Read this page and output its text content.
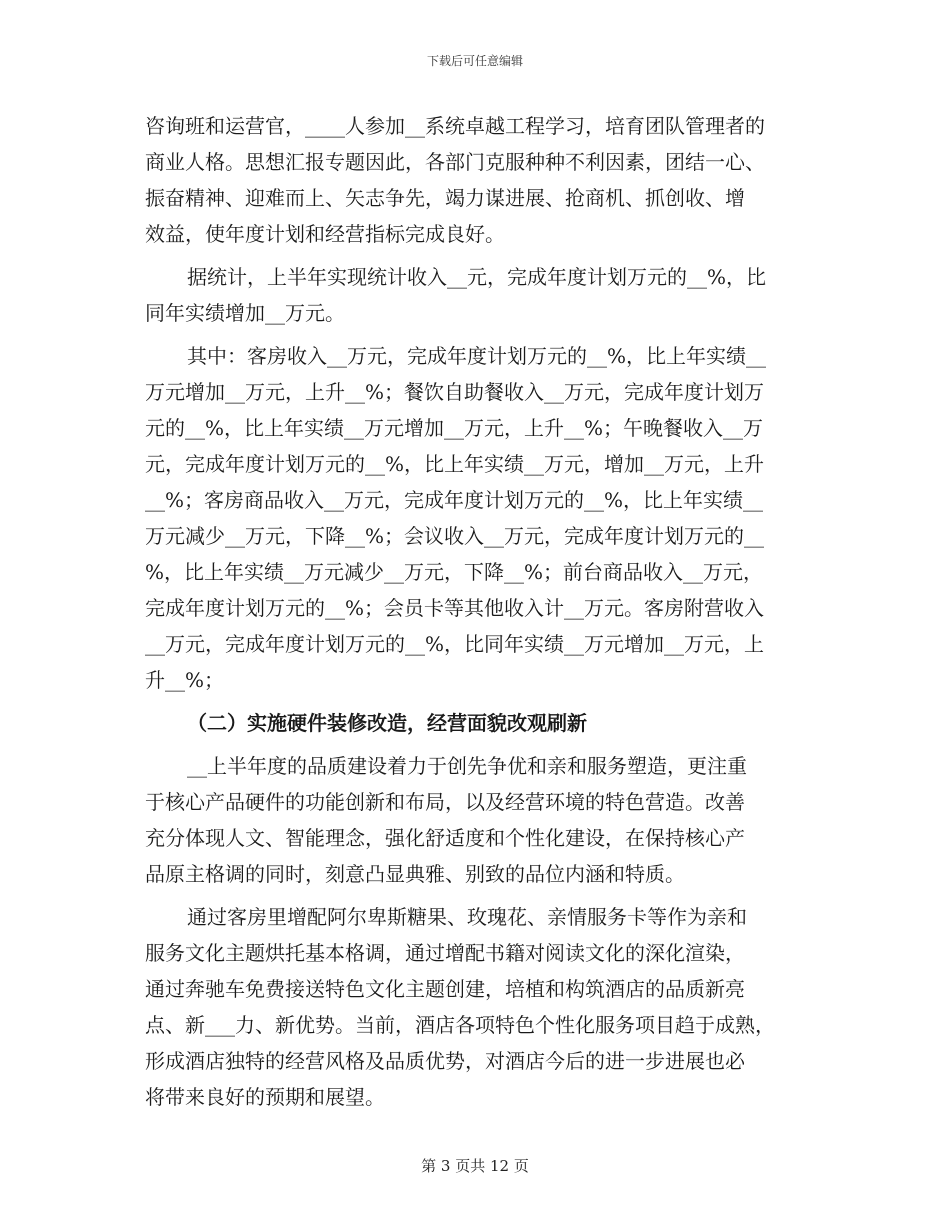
下载后可任意编辑
咨询班和运营官，____人参加__系统卓越工程学习，培育团队管理者的
商业人格。思想汇报专题因此，各部门克服种种不利因素，团结一心、
振奋精神、迎难而上、矢志争先，竭力谋进展、抢商机、抓创收、增
效益，使年度计划和经营指标完成良好。
据统计，上半年实现统计收入__元，完成年度计划万元的__%，比
同年实绩增加__万元。
其中：客房收入__万元，完成年度计划万元的__%，比上年实绩__
万元增加__万元，上升__%；餐饮自助餐收入__万元，完成年度计划万
元的__%，比上年实绩__万元增加__万元，上升__%；午晚餐收入__万
元，完成年度计划万元的__%，比上年实绩__万元，增加__万元，上升
__%；客房商品收入__万元，完成年度计划万元的__%，比上年实绩__
万元减少__万元，下降__%；会议收入__万元，完成年度计划万元的__
%，比上年实绩__万元减少__万元，下降__%；前台商品收入__万元，
完成年度计划万元的__%；会员卡等其他收入计__万元。客房附营收入
__万元，完成年度计划万元的__%，比同年实绩__万元增加__万元，上
升__%；
（二）实施硬件装修改造，经营面貌改观刷新
__上半年度的品质建设着力于创先争优和亲和服务塑造，更注重
于核心产品硬件的功能创新和布局，以及经营环境的特色营造。改善
充分体现人文、智能理念，强化舒适度和个性化建设，在保持核心产
品原主格调的同时，刻意凸显典雅、别致的品位内涵和特质。
通过客房里增配阿尔卑斯糖果、玫瑰花、亲情服务卡等作为亲和
服务文化主题烘托基本格调，通过增配书籍对阅读文化的深化渲染，
通过奔驰车免费接送特色文化主题创建，培植和构筑酒店的品质新亮
点、新___力、新优势。当前，酒店各项特色个性化服务项目趋于成熟，
形成酒店独特的经营风格及品质优势，对酒店今后的进一步进展也必
将带来良好的预期和展望。
第 3 页共 12 页
